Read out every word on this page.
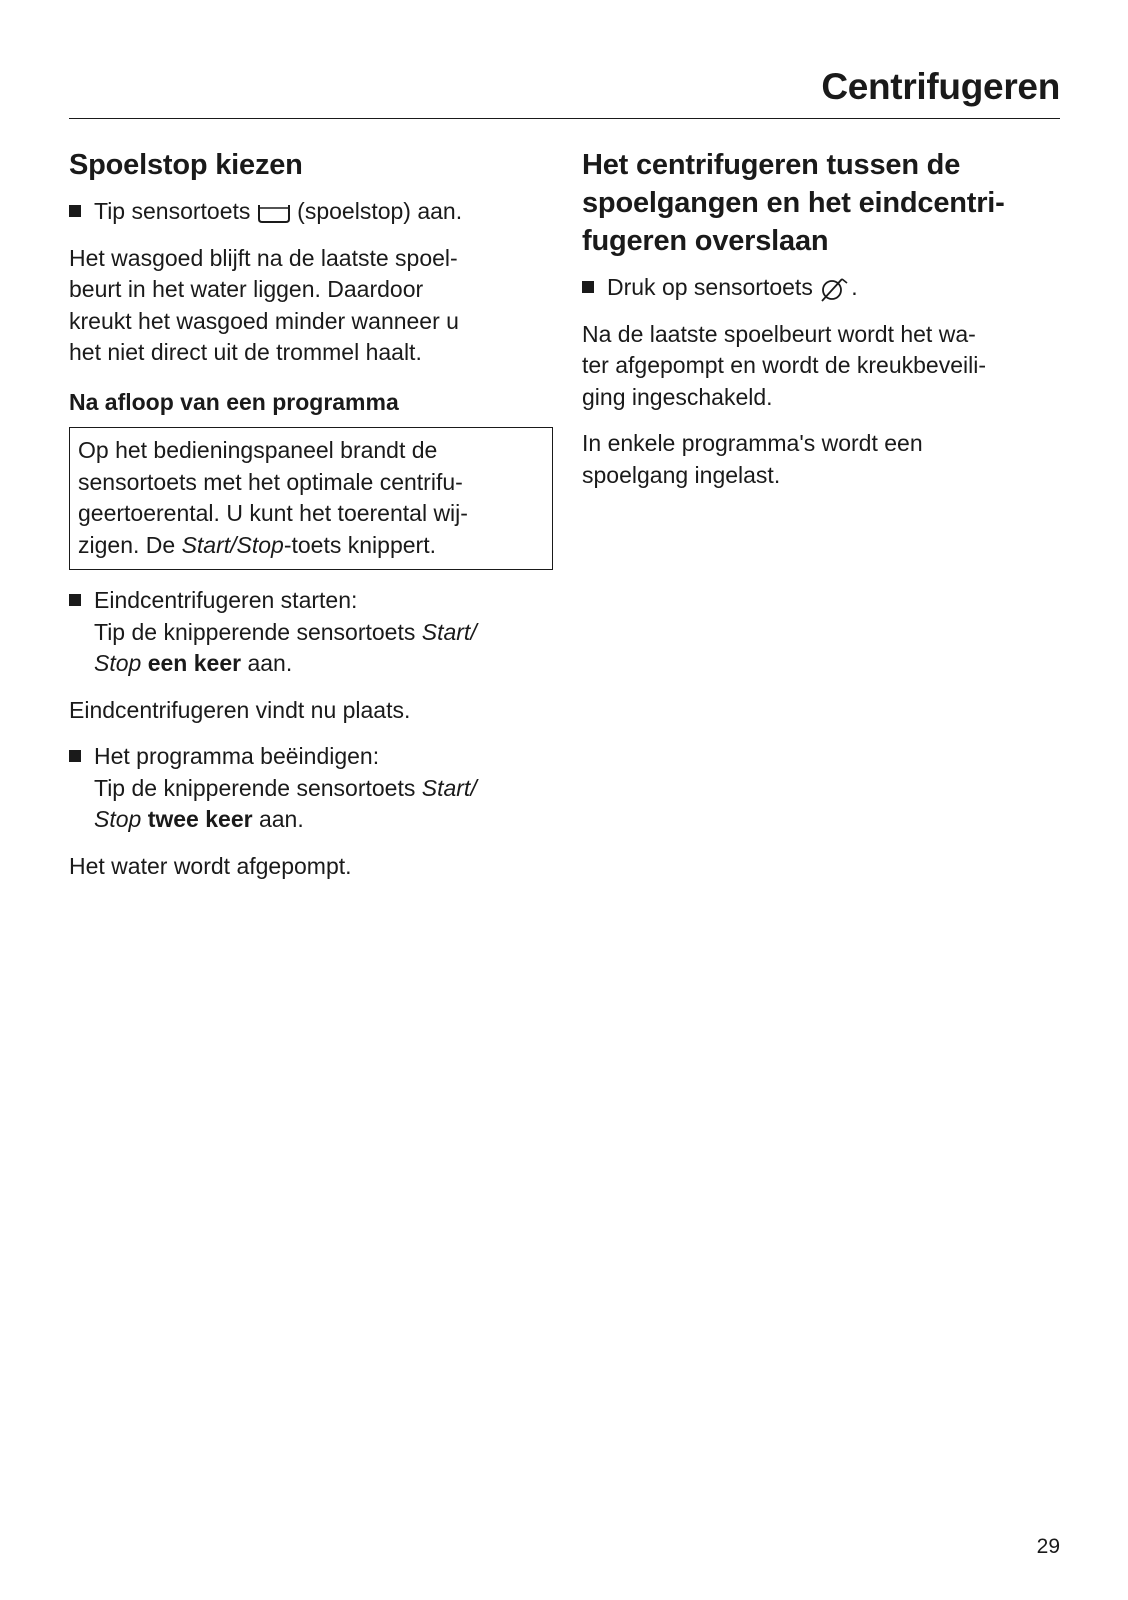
Centrifugeren
Spoelstop kiezen

Tip sensortoets (spoelstop) aan.

Het wasgoed blijft na de laatste spoel-
beurt in het water liggen. Daardoor
kreukt het wasgoed minder wanneer u
het niet direct uit de trommel haalt.

Na afloop van een programma

Op het bedieningspaneel brandt de
sensortoets met het optimale centrifu-
geertoerental. U kunt het toerental wij-
zigen. De Start/Stop-toets knippert.

Eindcentrifugeren starten:
Tip de knipperende sensortoets Start/
Stop een keer aan.

Eindcentrifugeren vindt nu plaats.

Het programma beëindigen:
Tip de knipperende sensortoets Start/
Stop twee keer aan.

Het water wordt afgepompt.

Het centrifugeren tussen de
spoelgangen en het eindcentri-
fugeren overslaan

Druk op sensortoets .

Na de laatste spoelbeurt wordt het wa-
ter afgepompt en wordt de kreukbeveili-
ging ingeschakeld.

In enkele programma's wordt een
spoelgang ingelast.

29
